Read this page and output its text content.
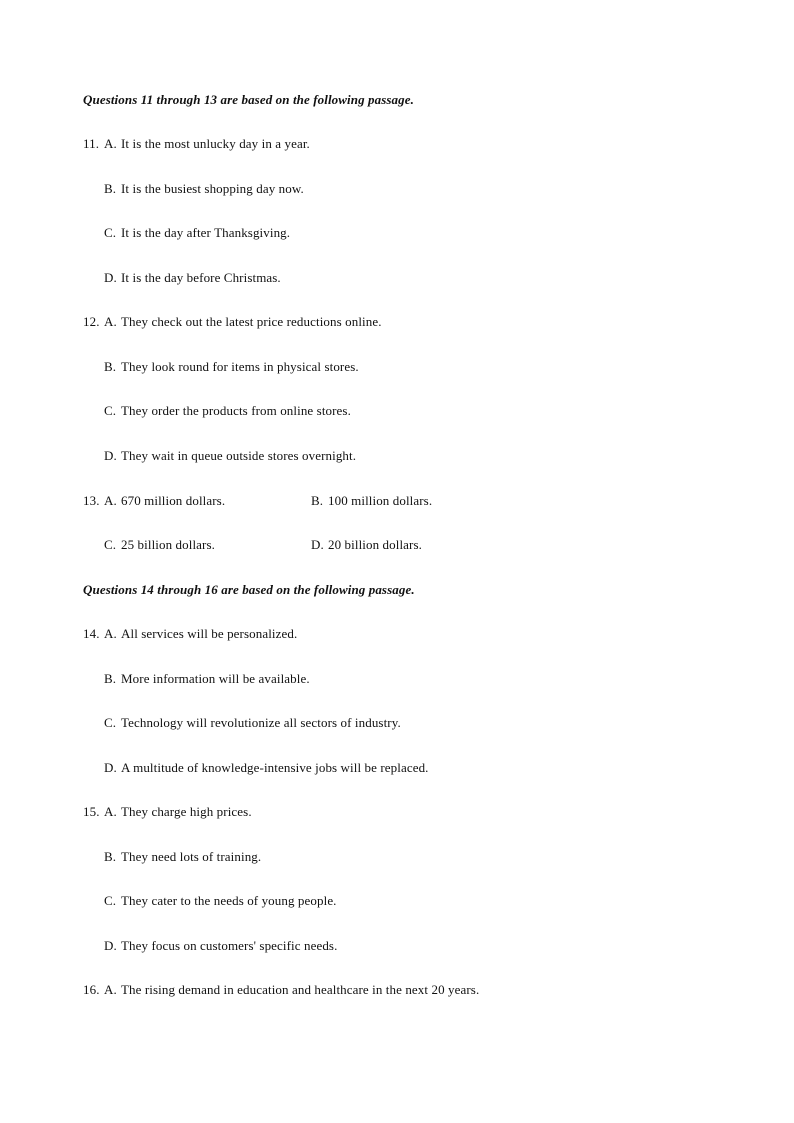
Questions 11 through 13 are based on the following passage.
11. A. It is the most unlucky day in a year.
B. It is the busiest shopping day now.
C. It is the day after Thanksgiving.
D. It is the day before Christmas.
12. A. They check out the latest price reductions online.
B. They look round for items in physical stores.
C. They order the products from online stores.
D. They wait in queue outside stores overnight.
13. A. 670 million dollars.	B. 100 million dollars.
C. 25 billion dollars.	D. 20 billion dollars.
Questions 14 through 16 are based on the following passage.
14. A. All services will be personalized.
B. More information will be available.
C. Technology will revolutionize all sectors of industry.
D. A multitude of knowledge-intensive jobs will be replaced.
15. A. They charge high prices.
B. They need lots of training.
C. They cater to the needs of young people.
D. They focus on customers' specific needs.
16. A. The rising demand in education and healthcare in the next 20 years.
